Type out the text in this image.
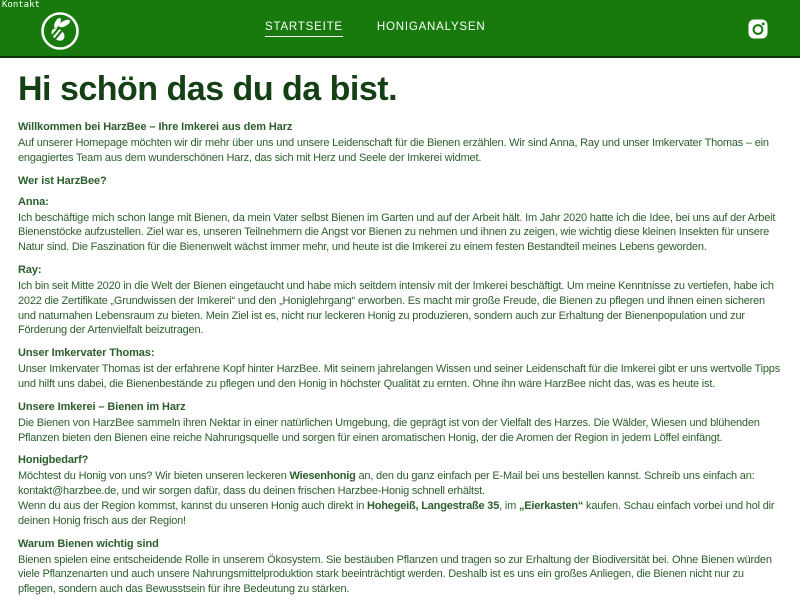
Kontakt
STARTSEITE	HONIGANALYSEN
Hi schön das du da bist.
Willkommen bei HarzBee – Ihre Imkerei aus dem Harz

Auf unserer Homepage möchten wir dir mehr über uns und unsere Leidenschaft für die Bienen erzählen. Wir sind Anna, Ray und unser Imkervater Thomas – ein engagiertes Team aus dem wunderschönen Harz, das sich mit Herz und Seele der Imkerei widmet.

Wer ist HarzBee?
Anna:

Ich beschäftige mich schon lange mit Bienen, da mein Vater selbst Bienen im Garten und auf der Arbeit hält. Im Jahr 2020 hatte ich die Idee, bei uns auf der Arbeit Bienenstöcke aufzustellen. Ziel war es, unseren Teilnehmern die Angst vor Bienen zu nehmen und ihnen zu zeigen, wie wichtig diese kleinen Insekten für unsere Natur sind. Die Faszination für die Bienenwelt wächst immer mehr, und heute ist die Imkerei zu einem festen Bestandteil meines Lebens geworden.

Ray:

Ich bin seit Mitte 2020 in die Welt der Bienen eingetaucht und habe mich seitdem intensiv mit der Imkerei beschäftigt. Um meine Kenntnisse zu vertiefen, habe ich 2022 die Zertifikate „Grundwissen der Imkerei“ und den „Honiglehrgang“ erworben. Es macht mir große Freude, die Bienen zu pflegen und ihnen einen sicheren und naturnahen Lebensraum zu bieten. Mein Ziel ist es, nicht nur leckeren Honig zu produzieren, sondern auch zur Erhaltung der Bienenpopulation und zur Förderung der Artenvielfalt beizutragen.

Unser Imkervater Thomas:

Unser Imkervater Thomas ist der erfahrene Kopf hinter HarzBee. Mit seinem jahrelangen Wissen und seiner Leidenschaft für die Imkerei gibt er uns wertvolle Tipps und hilft uns dabei, die Bienenbestände zu pflegen und den Honig in höchster Qualität zu ernten. Ohne ihn wäre HarzBee nicht das, was es heute ist.

Unsere Imkerei – Bienen im Harz

Die Bienen von HarzBee sammeln ihren Nektar in einer natürlichen Umgebung, die geprägt ist von der Vielfalt des Harzes. Die Wälder, Wiesen und blühenden Pflanzen bieten den Bienen eine reiche Nahrungsquelle und sorgen für einen aromatischen Honig, der die Aromen der Region in jedem Löffel einfängt.

Honigbedarf?

Möchtest du Honig von uns? Wir bieten unseren leckeren Wiesenhonig an, den du ganz einfach per E-Mail bei uns bestellen kannst. Schreib uns einfach an: kontakt@harzbee.de, und wir sorgen dafür, dass du deinen frischen Harzbee-Honig schnell erhältst.
Wenn du aus der Region kommst, kannst du unseren Honig auch direkt in Hohegeiß, Langestraße 35, im „Eierkasten“ kaufen. Schau einfach vorbei und hol dir deinen Honig frisch aus der Region!

Warum Bienen wichtig sind

Bienen spielen eine entscheidende Rolle in unserem Ökosystem. Sie bestäuben Pflanzen und tragen so zur Erhaltung der Biodiversität bei. Ohne Bienen würden viele Pflanzenarten und auch unsere Nahrungsmittelproduktion stark beeinträchtigt werden. Deshalb ist es uns ein großes Anliegen, die Bienen nicht nur zu pflegen, sondern auch das Bewusstsein für ihre Bedeutung zu stärken.
